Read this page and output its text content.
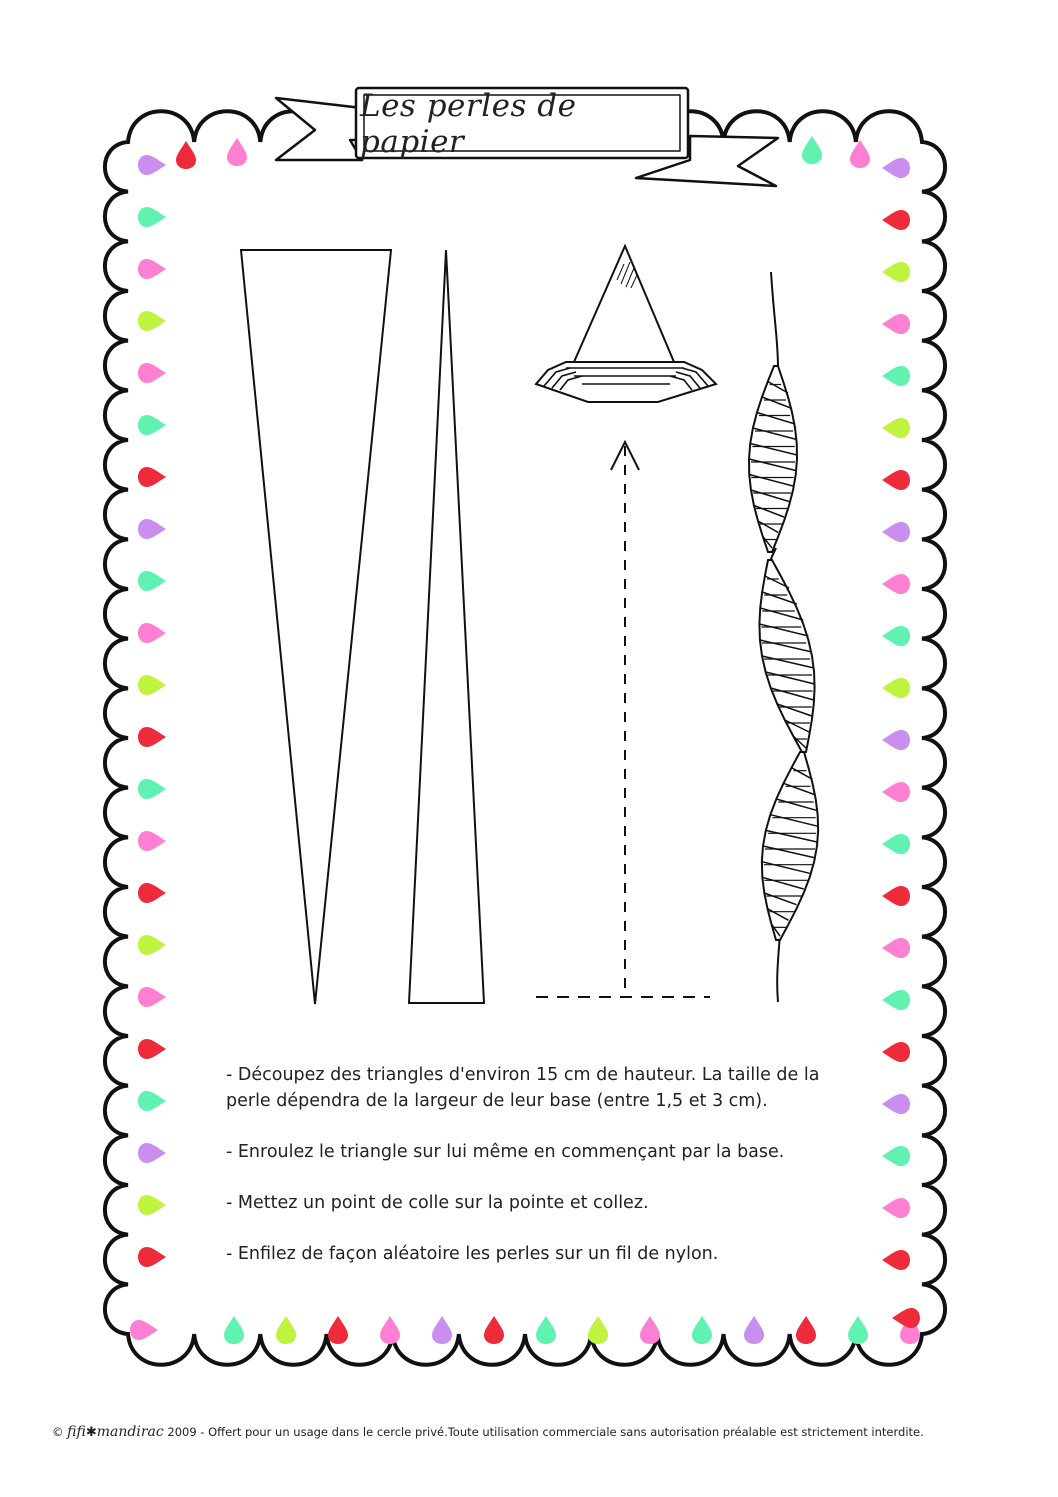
Les perles de papier

- Découpez des triangles d'environ 15 cm de hauteur. La taille de la perle dépendra de la largeur de leur base (entre 1,5 et 3 cm).

- Enroulez le triangle sur lui même en commençant par la base.

- Mettez un point de colle sur la pointe et collez.

- Enfilez de façon aléatoire les perles sur un fil de nylon.

© fifi✱mandirac 2009 - Offert pour un usage dans le cercle privé.Toute utilisation commerciale sans autorisation préalable est strictement interdite.
